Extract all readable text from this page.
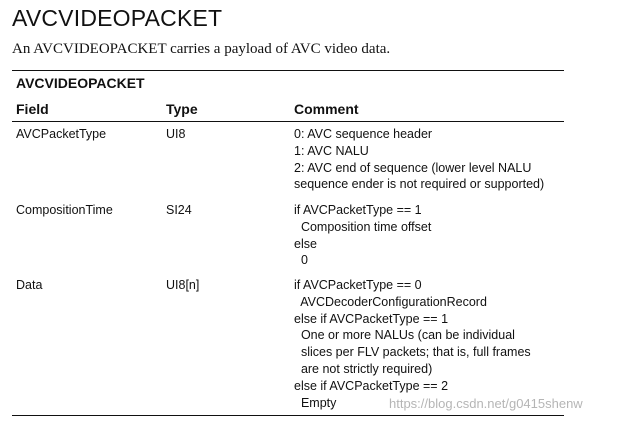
AVCVIDEOPACKET
An AVCVIDEOPACKET carries a payload of AVC video data.
AVCVIDEOPACKET
Field	Type	Comment
AVCPacketType	UI8	0: AVC sequence header
1: AVC NALU
2: AVC end of sequence (lower level NALU
sequence ender is not required or supported)
CompositionTime	SI24	if AVCPacketType == 1
Composition time offset
else
0
Data	UI8[n]	if AVCPacketType == 0
AVCDecoderConfigurationRecord
else if AVCPacketType == 1
One or more NALUs (can be individual
slices per FLV packets; that is, full frames
are not strictly required)
else if AVCPacketType == 2
Empty	https://blog.csdn.net/g0415shenw
